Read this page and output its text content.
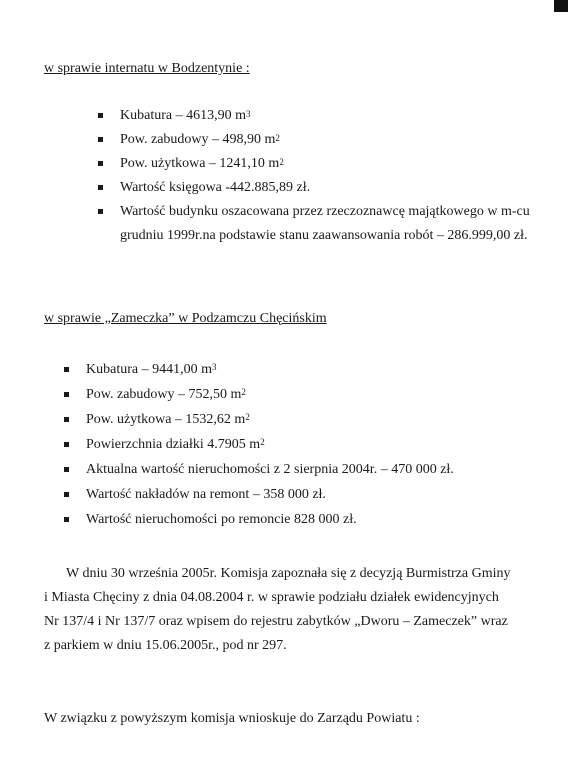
w sprawie internatu w Bodzentynie :
Kubatura – 4613,90 $m^3$
Pow. zabudowy – 498,90 $m^2$
Pow. użytkowa – 1241,10 $m^2$
Wartość księgowa -442.885,89 zł.
Wartość budynku oszacowana przez rzeczoznawcę majątkowego w m-cu grudniu 1999r.na podstawie stanu zaawansowania robót – 286.999,00 zł.
w sprawie „Zameczka” w Podzamczu Chęcińskim
Kubatura – 9441,00 $m^3$
Pow. zabudowy – 752,50 $m^2$
Pow. użytkowa – 1532,62 $m^2$
Powierzchnia działki 4.7905 $m^2$
Aktualna wartość nieruchomości z 2 sierpnia 2004r. – 470 000 zł.
Wartość nakładów na remont – 358 000 zł.
Wartość nieruchomości po remoncie 828 000 zł.

W dniu 30 września 2005r. Komisja zapoznała się z decyzją Burmistrza Gminy i Miasta Chęciny z dnia 04.08.2004 r. w sprawie podziału działek ewidencyjnych Nr 137/4 i Nr 137/7 oraz wpisem do rejestru zabytków „Dworu – Zameczek” wraz z parkiem w dniu 15.06.2005r., pod nr 297.

W związku z powyższym komisja wnioskuje do Zarządu Powiatu :
